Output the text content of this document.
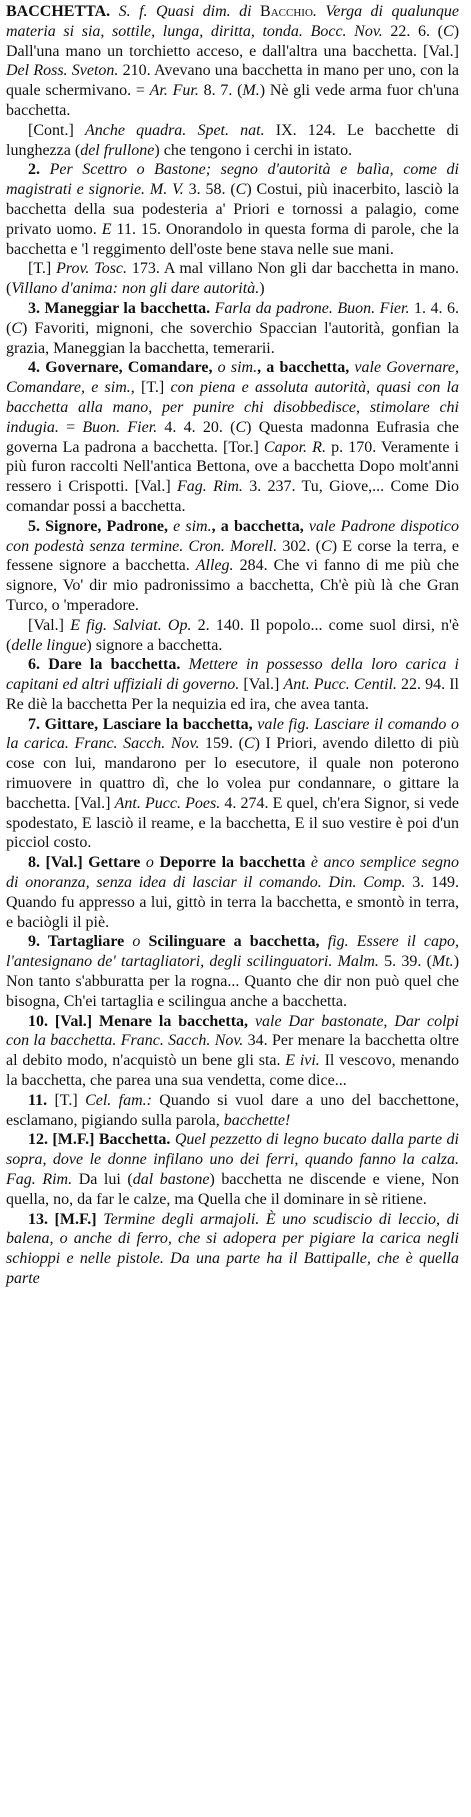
BACCHETTA. S. f. Quasi dim. di Bacchio. Verga di qualunque materia si sia, sottile, lunga, diritta, tonda. Bocc. Nov. 22. 6. (C) Dall'una mano un torchietto acceso, e dall'altra una bacchetta. [Val.] Del Ross. Sveton. 210. Avevano una bacchetta in mano per uno, con la quale schermivano. = Ar. Fur. 8. 7. (M.) Nè gli vede arma fuor ch'una bacchetta.

[Cont.] Anche quadra. Spet. nat. IX. 124. Le bacchette di lunghezza (del frullone) che tengono i cerchi in istato.

2. Per Scettro o Bastone; segno d'autorità e balìa, come di magistrati e signorie. M. V. 3. 58. (C) Costui, più inacerbito, lasciò la bacchetta della sua podesteria a' Priori e tornossi a palagio, come privato uomo. E 11. 15. Onorandolo in questa forma di parole, che la bacchetta e 'l reggimento dell'oste bene stava nelle sue mani.

[T.] Prov. Tosc. 173. A mal villano Non gli dar bacchetta in mano. (Villano d'anima: non gli dare autorità.)

3. Maneggiar la bacchetta. Farla da padrone. Buon. Fier. 1. 4. 6. (C) Favoriti, mignoni, che soverchio Spaccian l'autorità, gonfian la grazia, Maneggian la bacchetta, temerarii.

4. Governare, Comandare, o sim., a bacchetta, vale Governare, Comandare, e sim., [T.] con piena e assoluta autorità, quasi con la bacchetta alla mano, per punire chi disobbedisce, stimolare chi indugia. = Buon. Fier. 4. 4. 20. (C) Questa madonna Eufrasia che governa La padrona a bacchetta. [Tor.] Capor. R. p. 170. Veramente i più furon raccolti Nell'antica Bettona, ove a bacchetta Dopo molt'anni ressero i Crispotti. [Val.] Fag. Rim. 3. 237. Tu, Giove,... Come Dio comandar possi a bacchetta.

5. Signore, Padrone, e sim., a bacchetta, vale Padrone dispotico con podestà senza termine. Cron. Morell. 302. (C) E corse la terra, e fessene signore a bacchetta. Alleg. 284. Che vi fanno di me più che signore, Vo' dir mio padronissimo a bacchetta, Ch'è più là che Gran Turco, o 'mperadore.

[Val.] E fig. Salviat. Op. 2. 140. Il popolo... come suol dirsi, n'è (delle lingue) signore a bacchetta.

6. Dare la bacchetta. Mettere in possesso della loro carica i capitani ed altri uffiziali di governo. [Val.] Ant. Pucc. Centil. 22. 94. Il Re diè la bacchetta Per la nequizia ed ira, che avea tanta.

7. Gittare, Lasciare la bacchetta, vale fig. Lasciare il comando o la carica. Franc. Sacch. Nov. 159. (C) I Priori, avendo diletto di più cose con lui, mandarono per lo esecutore, il quale non poterono rimuovere in quattro dì, che lo volea pur condannare, o gittare la bacchetta. [Val.] Ant. Pucc. Poes. 4. 274. E quel, ch'era Signor, si vede spodestato, E lasciò il reame, e la bacchetta, E il suo vestire è poi d'un picciol costo.

8. [Val.] Gettare o Deporre la bacchetta è anco semplice segno di onoranza, senza idea di lasciar il comando. Din. Comp. 3. 149. Quando fu appresso a lui, gittò in terra la bacchetta, e smontò in terra, e baciògli il piè.

9. Tartagliare o Scilinguare a bacchetta, fig. Essere il capo, l'antesignano de' tartagliatori, degli scilinguatori. Malm. 5. 39. (Mt.) Non tanto s'abburatta per la rogna... Quanto che dir non può quel che bisogna, Ch'ei tartaglia e scilingua anche a bacchetta.

10. [Val.] Menare la bacchetta, vale Dar bastonate, Dar colpi con la bacchetta. Franc. Sacch. Nov. 34. Per menare la bacchetta oltre al debito modo, n'acquistò un bene gli sta. E ivi. Il vescovo, menando la bacchetta, che parea una sua vendetta, come dice...

11. [T.] Cel. fam.: Quando si vuol dare a uno del bacchettone, esclamano, pigiando sulla parola, bacchette!

12. [M.F.] Bacchetta. Quel pezzetto di legno bucato dalla parte di sopra, dove le donne infilano uno dei ferri, quando fanno la calza. Fag. Rim. Da lui (dal bastone) bacchetta ne discende e viene, Non quella, no, da far le calze, ma Quella che il dominare in sè ritiene.

13. [M.F.] Termine degli armajoli. È uno scudiscio di leccio, di balena, o anche di ferro, che si adopera per pigiare la carica negli schioppi e nelle pistole. Da una parte ha il Battipalle, che è quella parte
